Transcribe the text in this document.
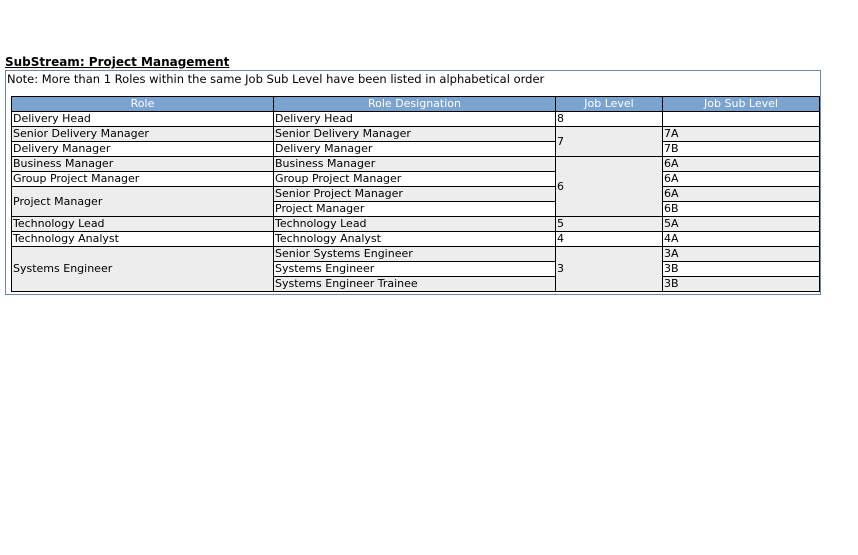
SubStream: Project Management
Note: More than 1 Roles within the same Job Sub Level have been listed in alphabetical order
Role	Role Designation	Job Level	Job Sub Level
Delivery Head	Delivery Head	8	
Senior Delivery Manager	Senior Delivery Manager	7	7A
Delivery Manager	Delivery Manager		7B
Business Manager	Business Manager	6	6A
Group Project Manager	Group Project Manager		6A
Project Manager	Senior Project Manager		6A
	Project Manager		6B
Technology Lead	Technology Lead	5	5A
Technology Analyst	Technology Analyst	4	4A
Systems Engineer	Senior Systems Engineer	3	3A
	Systems Engineer		3B
	Systems Engineer Trainee		3B
